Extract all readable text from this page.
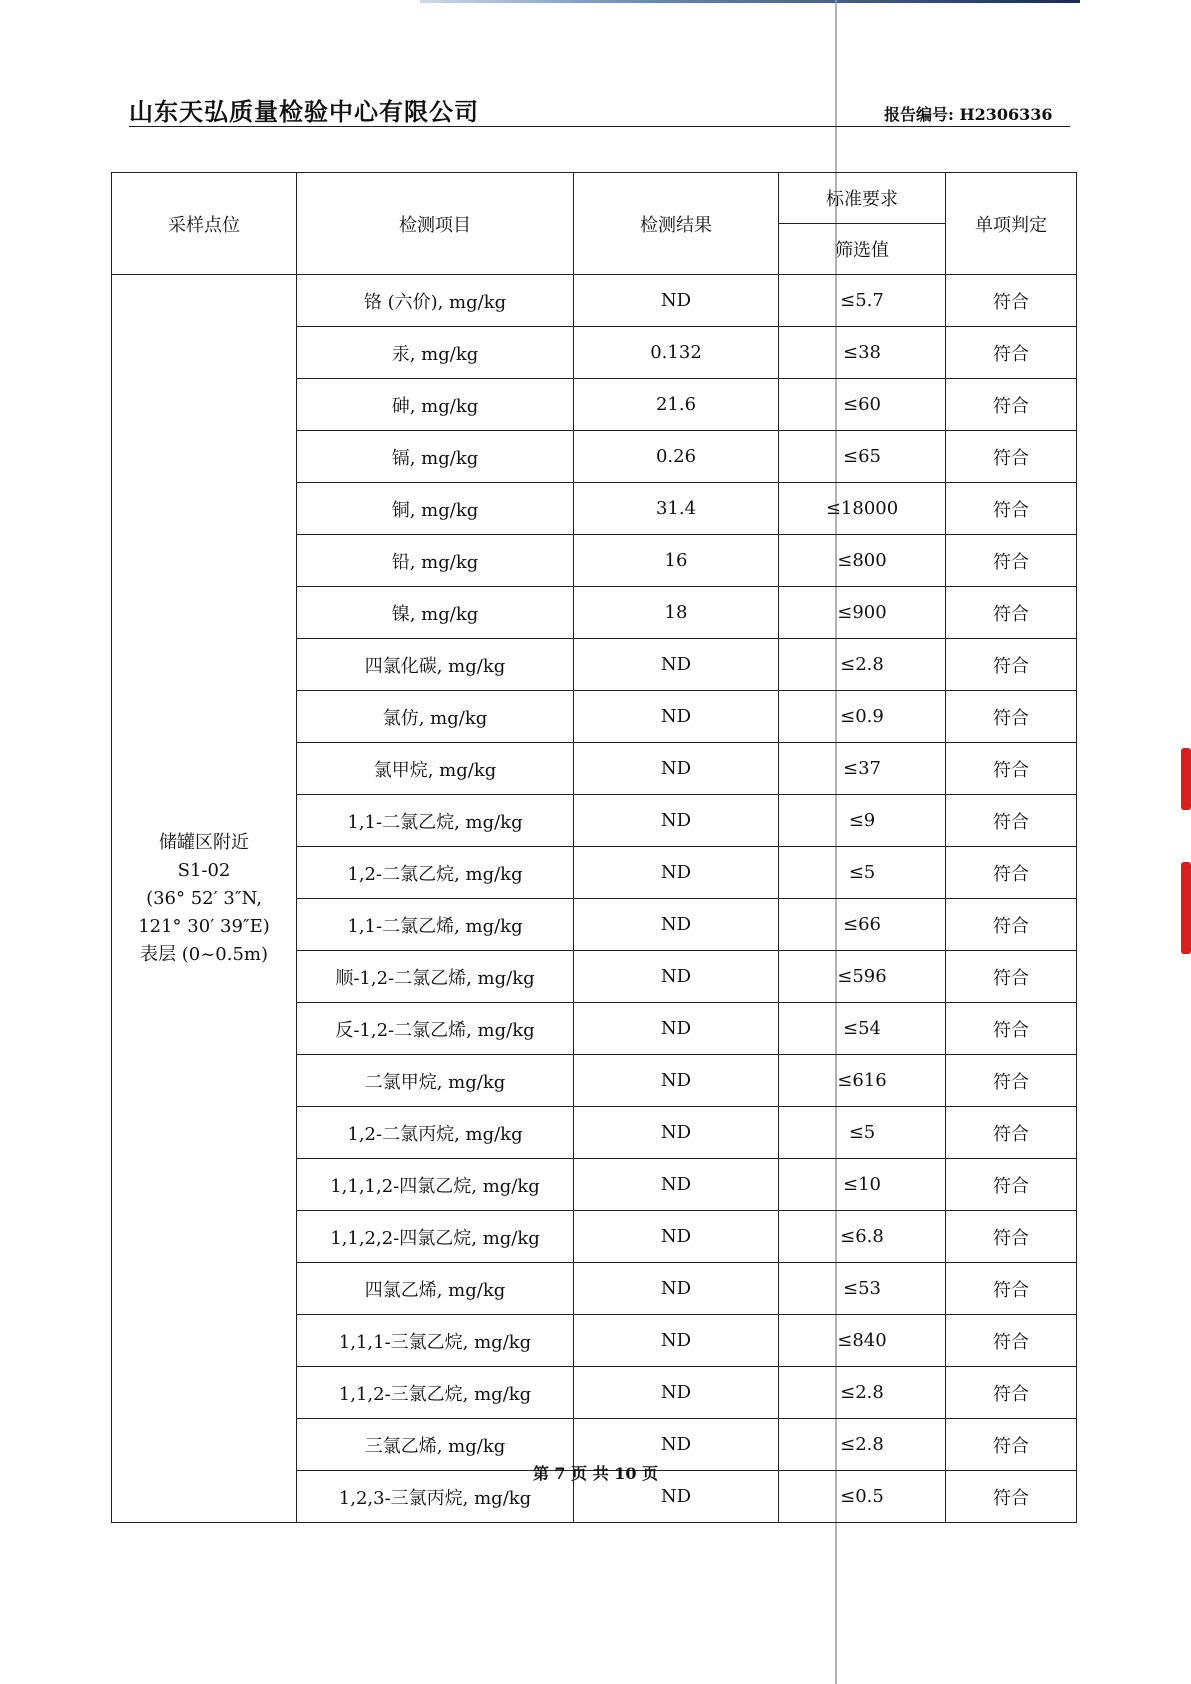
山东天弘质量检验中心有限公司	报告编号: H2306336
采样点位	检测项目	检测结果	标准要求	单项判定
			筛选值	

储罐区附近
S1-02
(36° 52′ 3″N,
121° 30′ 39″E)
表层 (0~0.5m)	铬 (六价), mg/kg	ND	≤5.7	符合
	汞, mg/kg	0.132	≤38	符合
	砷, mg/kg	21.6	≤60	符合
	镉, mg/kg	0.26	≤65	符合
	铜, mg/kg	31.4	≤18000	符合
	铅, mg/kg	16	≤800	符合
	镍, mg/kg	18	≤900	符合
	四氯化碳, mg/kg	ND	≤2.8	符合
	氯仿, mg/kg	ND	≤0.9	符合
	氯甲烷, mg/kg	ND	≤37	符合
	1,1-二氯乙烷, mg/kg	ND	≤9	符合
	1,2-二氯乙烷, mg/kg	ND	≤5	符合
	1,1-二氯乙烯, mg/kg	ND	≤66	符合
	顺-1,2-二氯乙烯, mg/kg	ND	≤596	符合
	反-1,2-二氯乙烯, mg/kg	ND	≤54	符合
	二氯甲烷, mg/kg	ND	≤616	符合
	1,2-二氯丙烷, mg/kg	ND	≤5	符合
	1,1,1,2-四氯乙烷, mg/kg	ND	≤10	符合
	1,1,2,2-四氯乙烷, mg/kg	ND	≤6.8	符合
	四氯乙烯, mg/kg	ND	≤53	符合
	1,1,1-三氯乙烷, mg/kg	ND	≤840	符合
	1,1,2-三氯乙烷, mg/kg	ND	≤2.8	符合
	三氯乙烯, mg/kg	ND	≤2.8	符合
	1,2,3-三氯丙烷, mg/kg	ND	≤0.5	符合
第 7 页 共 10 页
